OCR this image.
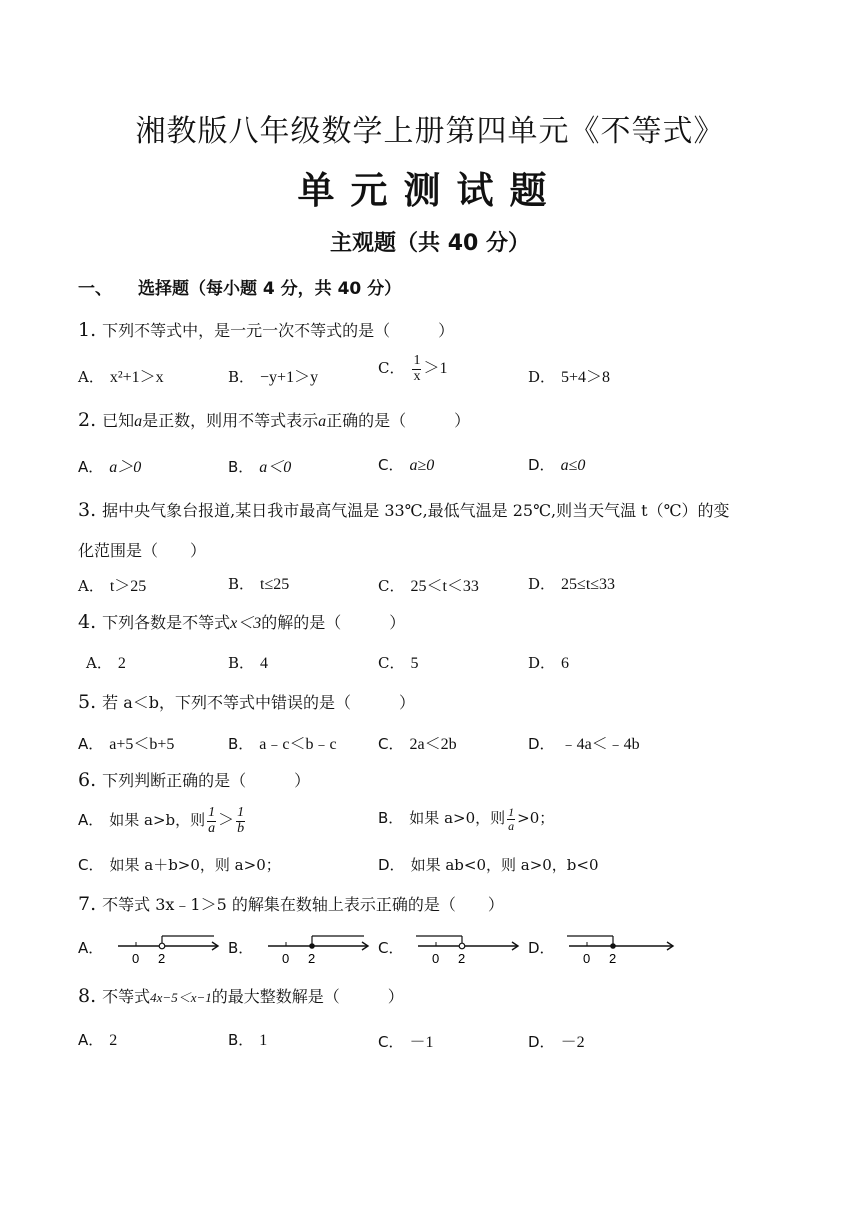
湘教版八年级数学上册第四单元《不等式》
单元测试题
主观题（共 40 分）
一、 选择题（每小题 4 分，共 40 分）
1. 下列不等式中，是一元一次不等式的是（　　　）
A． x²+1＞x	B． −y+1＞y
C． $\frac{1}{x} >1$	D． 5+4＞8
2. 已知a是正数，则用不等式表示a正确的是（　　　）
A． a＞0	B． a＜0	C． a≥0	D． a≤0
3. 据中央气象台报道,某日我市最高气温是 33℃,最低气温是 25℃,则当天气温 t（℃）的变
化范围是（　　）
A． t＞25	B． t≤25	C． 25＜t＜33	D． 25≤t≤33
4. 下列各数是不等式x＜3的解的是（　　　）
A． 2	B． 4	C． 5	D． 6
5. 若 a＜b，下列不等式中错误的是（　　　）
A． a+5＜b+5	B． a﹣c＜b﹣c	C． 2a＜2b	D． ﹣4a＜﹣4b
6. 下列判断正确的是（　　　）
A． 如果 a>b，则 $\frac{1}{a} > \frac{1}{b}$	B． 如果 a>0，则 $\frac{1}{a} >0$；
C． 如果 a＋b>0，则 a>0；	D． 如果 ab<0，则 a>0，b<0
7. 不等式 3x﹣1＞5 的解集在数轴上表示正确的是（　　）
A．
0 2
B．
0 2
C．
0 2
D．
0 2
8. 不等式4x−5＜x−1的最大整数解是（　　　）
A． 2	B． 1	C． －1	D． －2
